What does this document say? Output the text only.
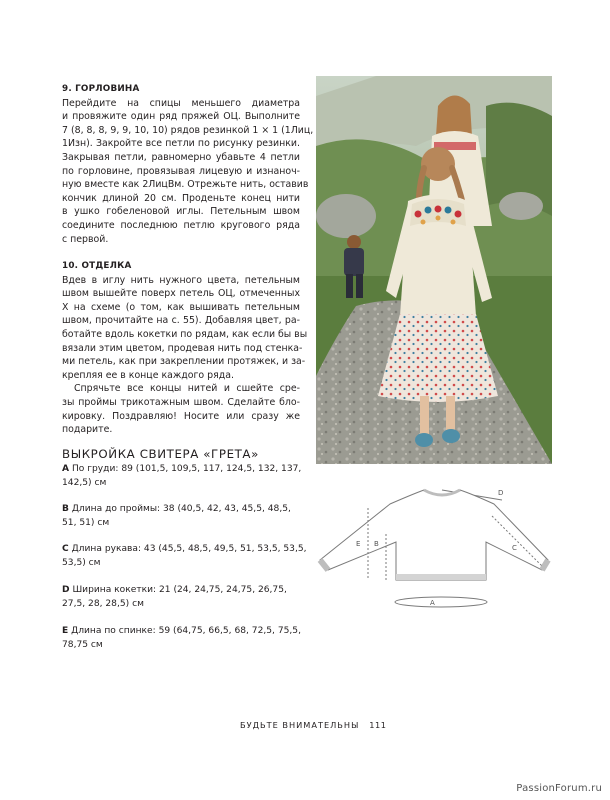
9. ГОРЛОВИНА

Перейдите на спицы меньшего диаметра
и провяжите один ряд пряжей ОЦ. Выполните
7 (8, 8, 8, 9, 9, 10, 10) рядов резинкой 1 × 1 (1Лиц,
1Изн). Закройте все петли по рисунку резинки.
Закрывая петли, равномерно убавьте 4 петли
по горловине, провязывая лицевую и изнаноч-
ную вместе как 2ЛицВм. Отрежьте нить, оставив
кончик длиной 20 см. Проденьте конец нити
в ушко гобеленовой иглы. Петельным швом
соедините последнюю петлю кругового ряда
с первой.

10. ОТДЕЛКА

Вдев в иглу нить нужного цвета, петельным
швом вышейте поверх петель ОЦ, отмеченных
Х на схеме (о том, как вышивать петельным
швом, прочитайте на с. 55). Добавляя цвет, ра-
ботайте вдоль кокетки по рядам, как если бы вы
вязали этим цветом, продевая нить под стенка-
ми петель, как при закреплении протяжек, и за-
крепляя ее в конце каждого ряда.

Спрячьте все концы нитей и сшейте сре-
зы проймы трикотажным швом. Сделайте бло-
кировку. Поздравляю! Носите или сразу же
подарите.

ВЫКРОЙКА СВИТЕРА «ГРЕТА»

A По груди: 89 (101,5, 109,5, 117, 124,5, 132, 137,
142,5) см

B Длина до проймы: 38 (40,5, 42, 43, 45,5, 48,5,
51, 51) см

C Длина рукава: 43 (45,5, 48,5, 49,5, 51, 53,5, 53,5,
53,5) см

D Ширина кокетки: 21 (24, 24,75, 24,75, 26,75,
27,5, 28, 28,5) см

E Длина по спинке: 59 (64,75, 66,5, 68, 72,5, 75,5,
78,75 см

D
E B	C
A
БУДЬТЕ ВНИМАТЕЛЬНЫ 111
PassionForum.ru
